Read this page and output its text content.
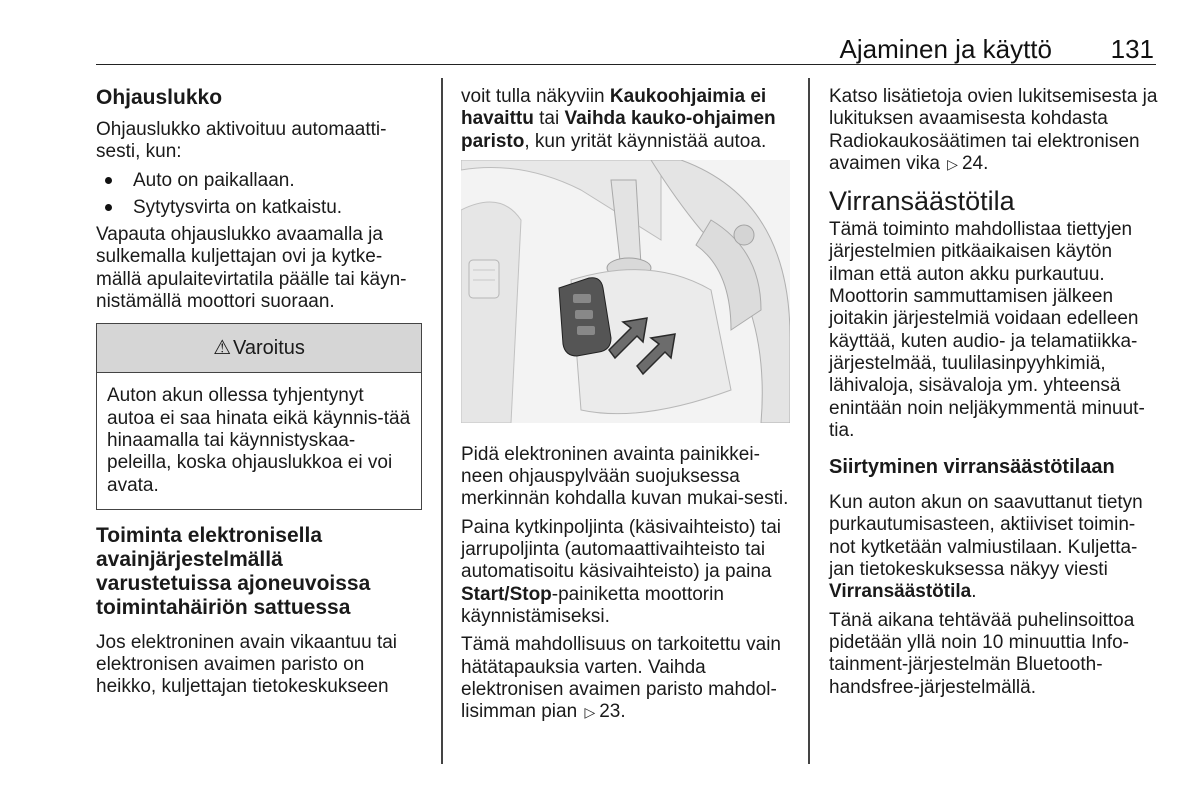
Ajaminen ja käyttö 131
Ohjauslukko

Ohjauslukko aktivoituu automaatti-sesti, kun:

Auto on paikallaan.
Sytytysvirta on katkaistu.

Vapauta ohjauslukko avaamalla ja sulkemalla kuljettajan ovi ja kytke-mällä apulaitevirtatila päälle tai käyn-nistämällä moottori suoraan.

⚠ Varoitus
Auton akun ollessa tyhjentynyt autoa ei saa hinata eikä käynnis-tää hinaamalla tai käynnistyskaa-peleilla, koska ohjauslukkoa ei voi avata.
Toiminta elektronisella avainjärjestelmällä varustetuissa ajoneuvoissa toimintahäiriön sattuessa

Jos elektroninen avain vikaantuu tai elektronisen avaimen paristo on heikko, kuljettajan tietokeskukseen

voit tulla näkyviin Kaukoohjaimia ei havaittu tai Vaihda kauko-ohjaimen paristo, kun yrität käynnistää autoa.

Pidä elektroninen avainta painikkei-neen ohjauspylvään suojuksessa merkinnän kohdalla kuvan mukai-sesti.

Paina kytkinpoljinta (käsivaihteisto) tai jarrupoljinta (automaattivaihteisto tai automatisoitu käsivaihteisto) ja paina Start/Stop-painiketta moottorin käynnistämiseksi.

Tämä mahdollisuus on tarkoitettu vain hätätapauksia varten. Vaihda elektronisen avaimen paristo mahdol-lisimman pian ▷ 23.

Katso lisätietoja ovien lukitsemisesta ja lukituksen avaamisesta kohdasta Radiokaukosäätimen tai elektronisen avaimen vika ▷ 24.

Virransäästötila

Tämä toiminto mahdollistaa tiettyjen järjestelmien pitkäaikaisen käytön ilman että auton akku purkautuu. Moottorin sammuttamisen jälkeen joitakin järjestelmiä voidaan edelleen käyttää, kuten audio- ja telamatiikka-järjestelmää, tuulilasinpyyhkimiä, lähivaloja, sisävaloja ym. yhteensä enintään noin neljäkymmentä minuut-tia.

Siirtyminen virransäästötilaan

Kun auton akun on saavuttanut tietyn purkautumisasteen, aktiiviset toimin-not kytketään valmiustilaan. Kuljetta-jan tietokeskuksessa näkyy viesti Virransäästötila.

Tänä aikana tehtävää puhelinsoittoa pidetään yllä noin 10 minuuttia Info-tainment-järjestelmän Bluetooth-handsfree-järjestelmällä.
